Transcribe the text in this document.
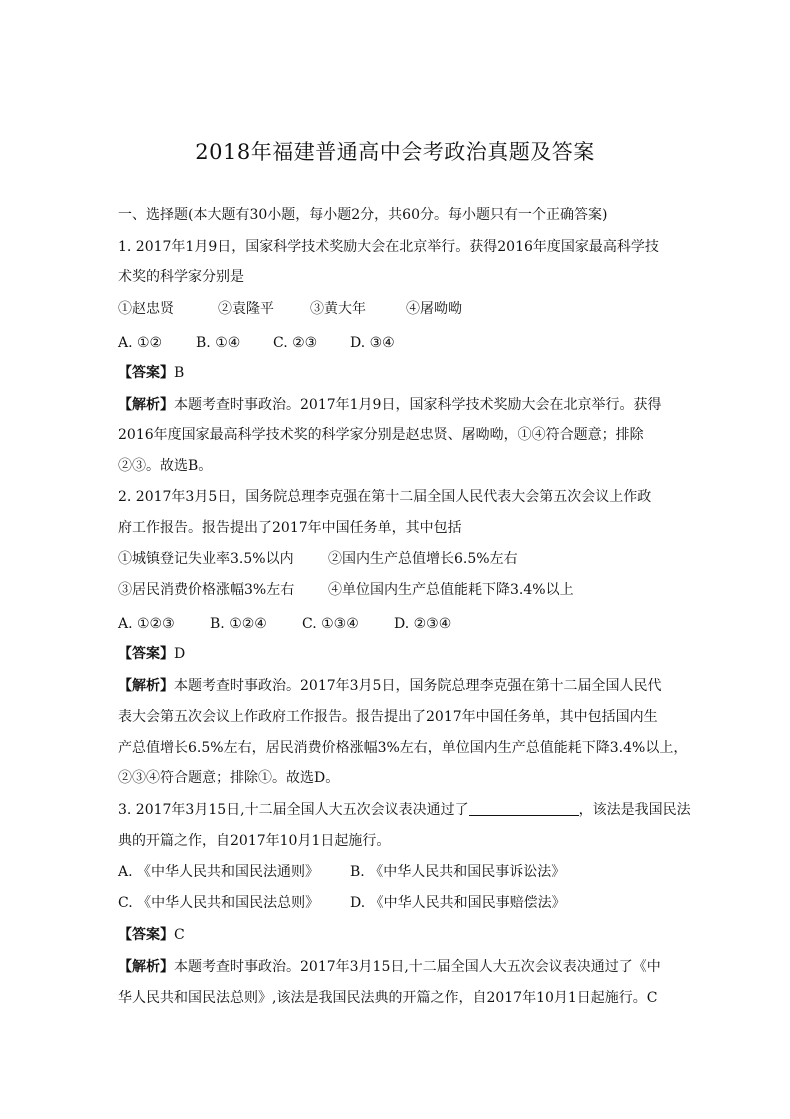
2018年福建普通高中会考政治真题及答案
一、选择题(本大题有30小题，每小题2分，共60分。每小题只有一个正确答案)
1. 2017年1月9日，国家科学技术奖励大会在北京举行。获得2016年度国家最高科学技
术奖的科学家分别是
①赵忠贤	②袁隆平	③黄大年	④屠呦呦
A. ①② B. ①④ C. ②③ D. ③④
【答案】B
【解析】本题考查时事政治。2017年1月9日，国家科学技术奖励大会在北京举行。获得
2016年度国家最高科学技术奖的科学家分别是赵忠贤、屠呦呦，①④符合题意；排除
②③。故选B。
2. 2017年3月5日，国务院总理李克强在第十二届全国人民代表大会第五次会议上作政
府工作报告。报告提出了2017年中国任务单，其中包括
①城镇登记失业率3.5%以内 ②国内生产总值增长6.5%左右
③居民消费价格涨幅3%左右 ④单位国内生产总值能耗下降3.4%以上
A. ①②③	B. ①②④	C. ①③④	D. ②③④
【答案】D
【解析】本题考查时事政治。2017年3月5日，国务院总理李克强在第十二届全国人民代
表大会第五次会议上作政府工作报告。报告提出了2017年中国任务单，其中包括国内生
产总值增长6.5%左右，居民消费价格涨幅3%左右，单位国内生产总值能耗下降3.4%以上，
②③④符合题意；排除①。故选D。
3. 2017年3月15日,十二届全国人大五次会议表决通过了	，该法是我国民法
典的开篇之作，自2017年10月1日起施行。
A. 《中华人民共和国民法通则》 B. 《中华人民共和国民事诉讼法》
C. 《中华人民共和国民法总则》 D. 《中华人民共和国民事赔偿法》
【答案】C
【解析】本题考查时事政治。2017年3月15日,十二届全国人大五次会议表决通过了《中
华人民共和国民法总则》,该法是我国民法典的开篇之作，自2017年10月1日起施行。C
